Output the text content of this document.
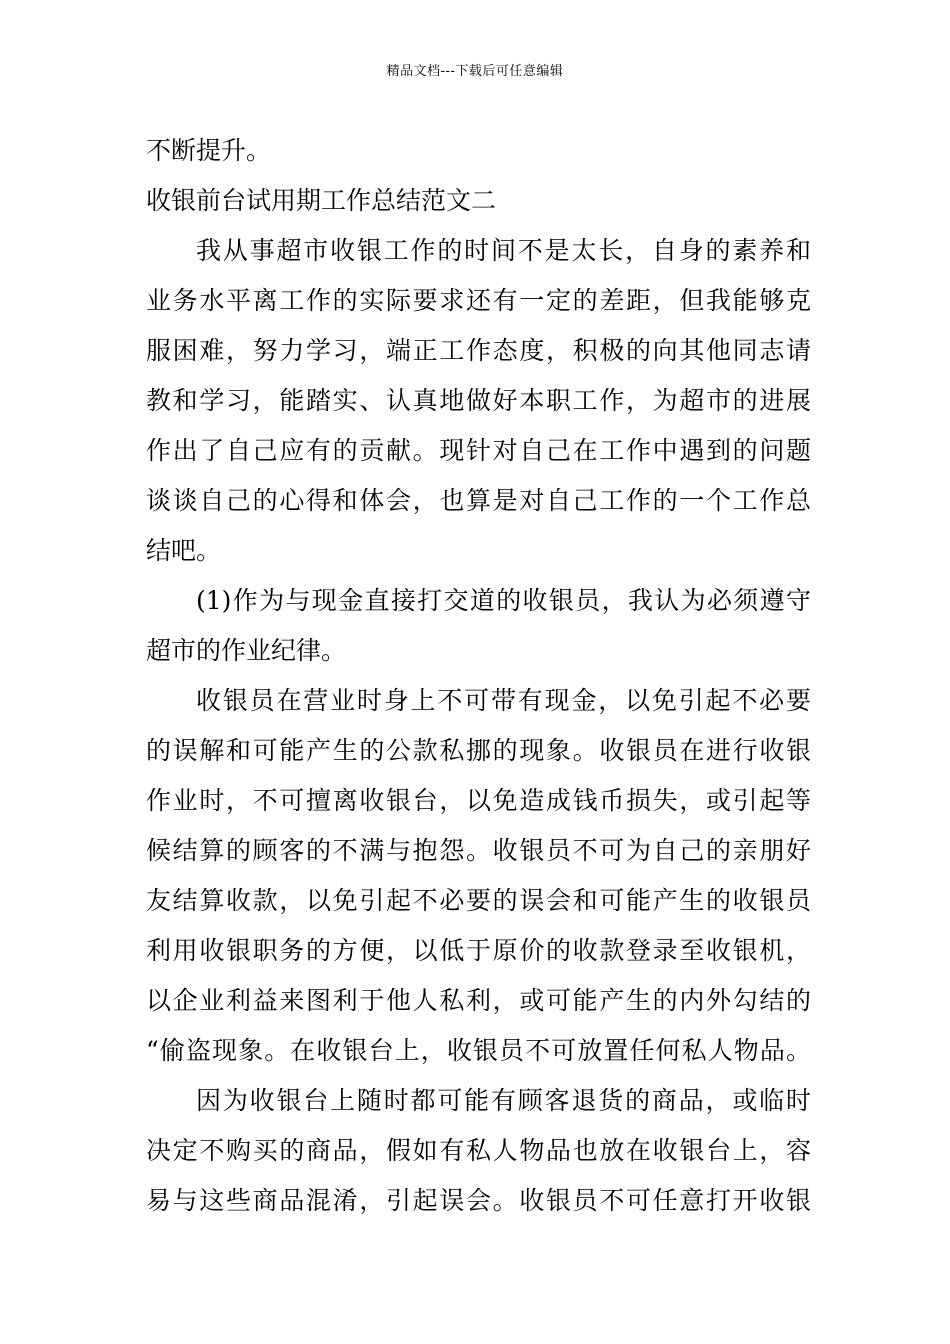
精品文档---下载后可任意编辑
不断提升。
收银前台试用期工作总结范文二
我从事超市收银工作的时间不是太长，自身的素养和
业务水平离工作的实际要求还有一定的差距，但我能够克
服困难，努力学习，端正工作态度，积极的向其他同志请
教和学习，能踏实、认真地做好本职工作，为超市的进展
作出了自己应有的贡献。现针对自己在工作中遇到的问题
谈谈自己的心得和体会，也算是对自己工作的一个工作总
结吧。
(1)作为与现金直接打交道的收银员，我认为必须遵守
超市的作业纪律。
收银员在营业时身上不可带有现金，以免引起不必要
的误解和可能产生的公款私挪的现象。收银员在进行收银
作业时，不可擅离收银台，以免造成钱币损失，或引起等
候结算的顾客的不满与抱怨。收银员不可为自己的亲朋好
友结算收款，以免引起不必要的误会和可能产生的收银员
利用收银职务的方便，以低于原价的收款登录至收银机，
以企业利益来图利于他人私利，或可能产生的内外勾结的
“偷盗现象。在收银台上，收银员不可放置任何私人物品。
因为收银台上随时都可能有顾客退货的商品，或临时
决定不购买的商品，假如有私人物品也放在收银台上，容
易与这些商品混淆，引起误会。收银员不可任意打开收银
